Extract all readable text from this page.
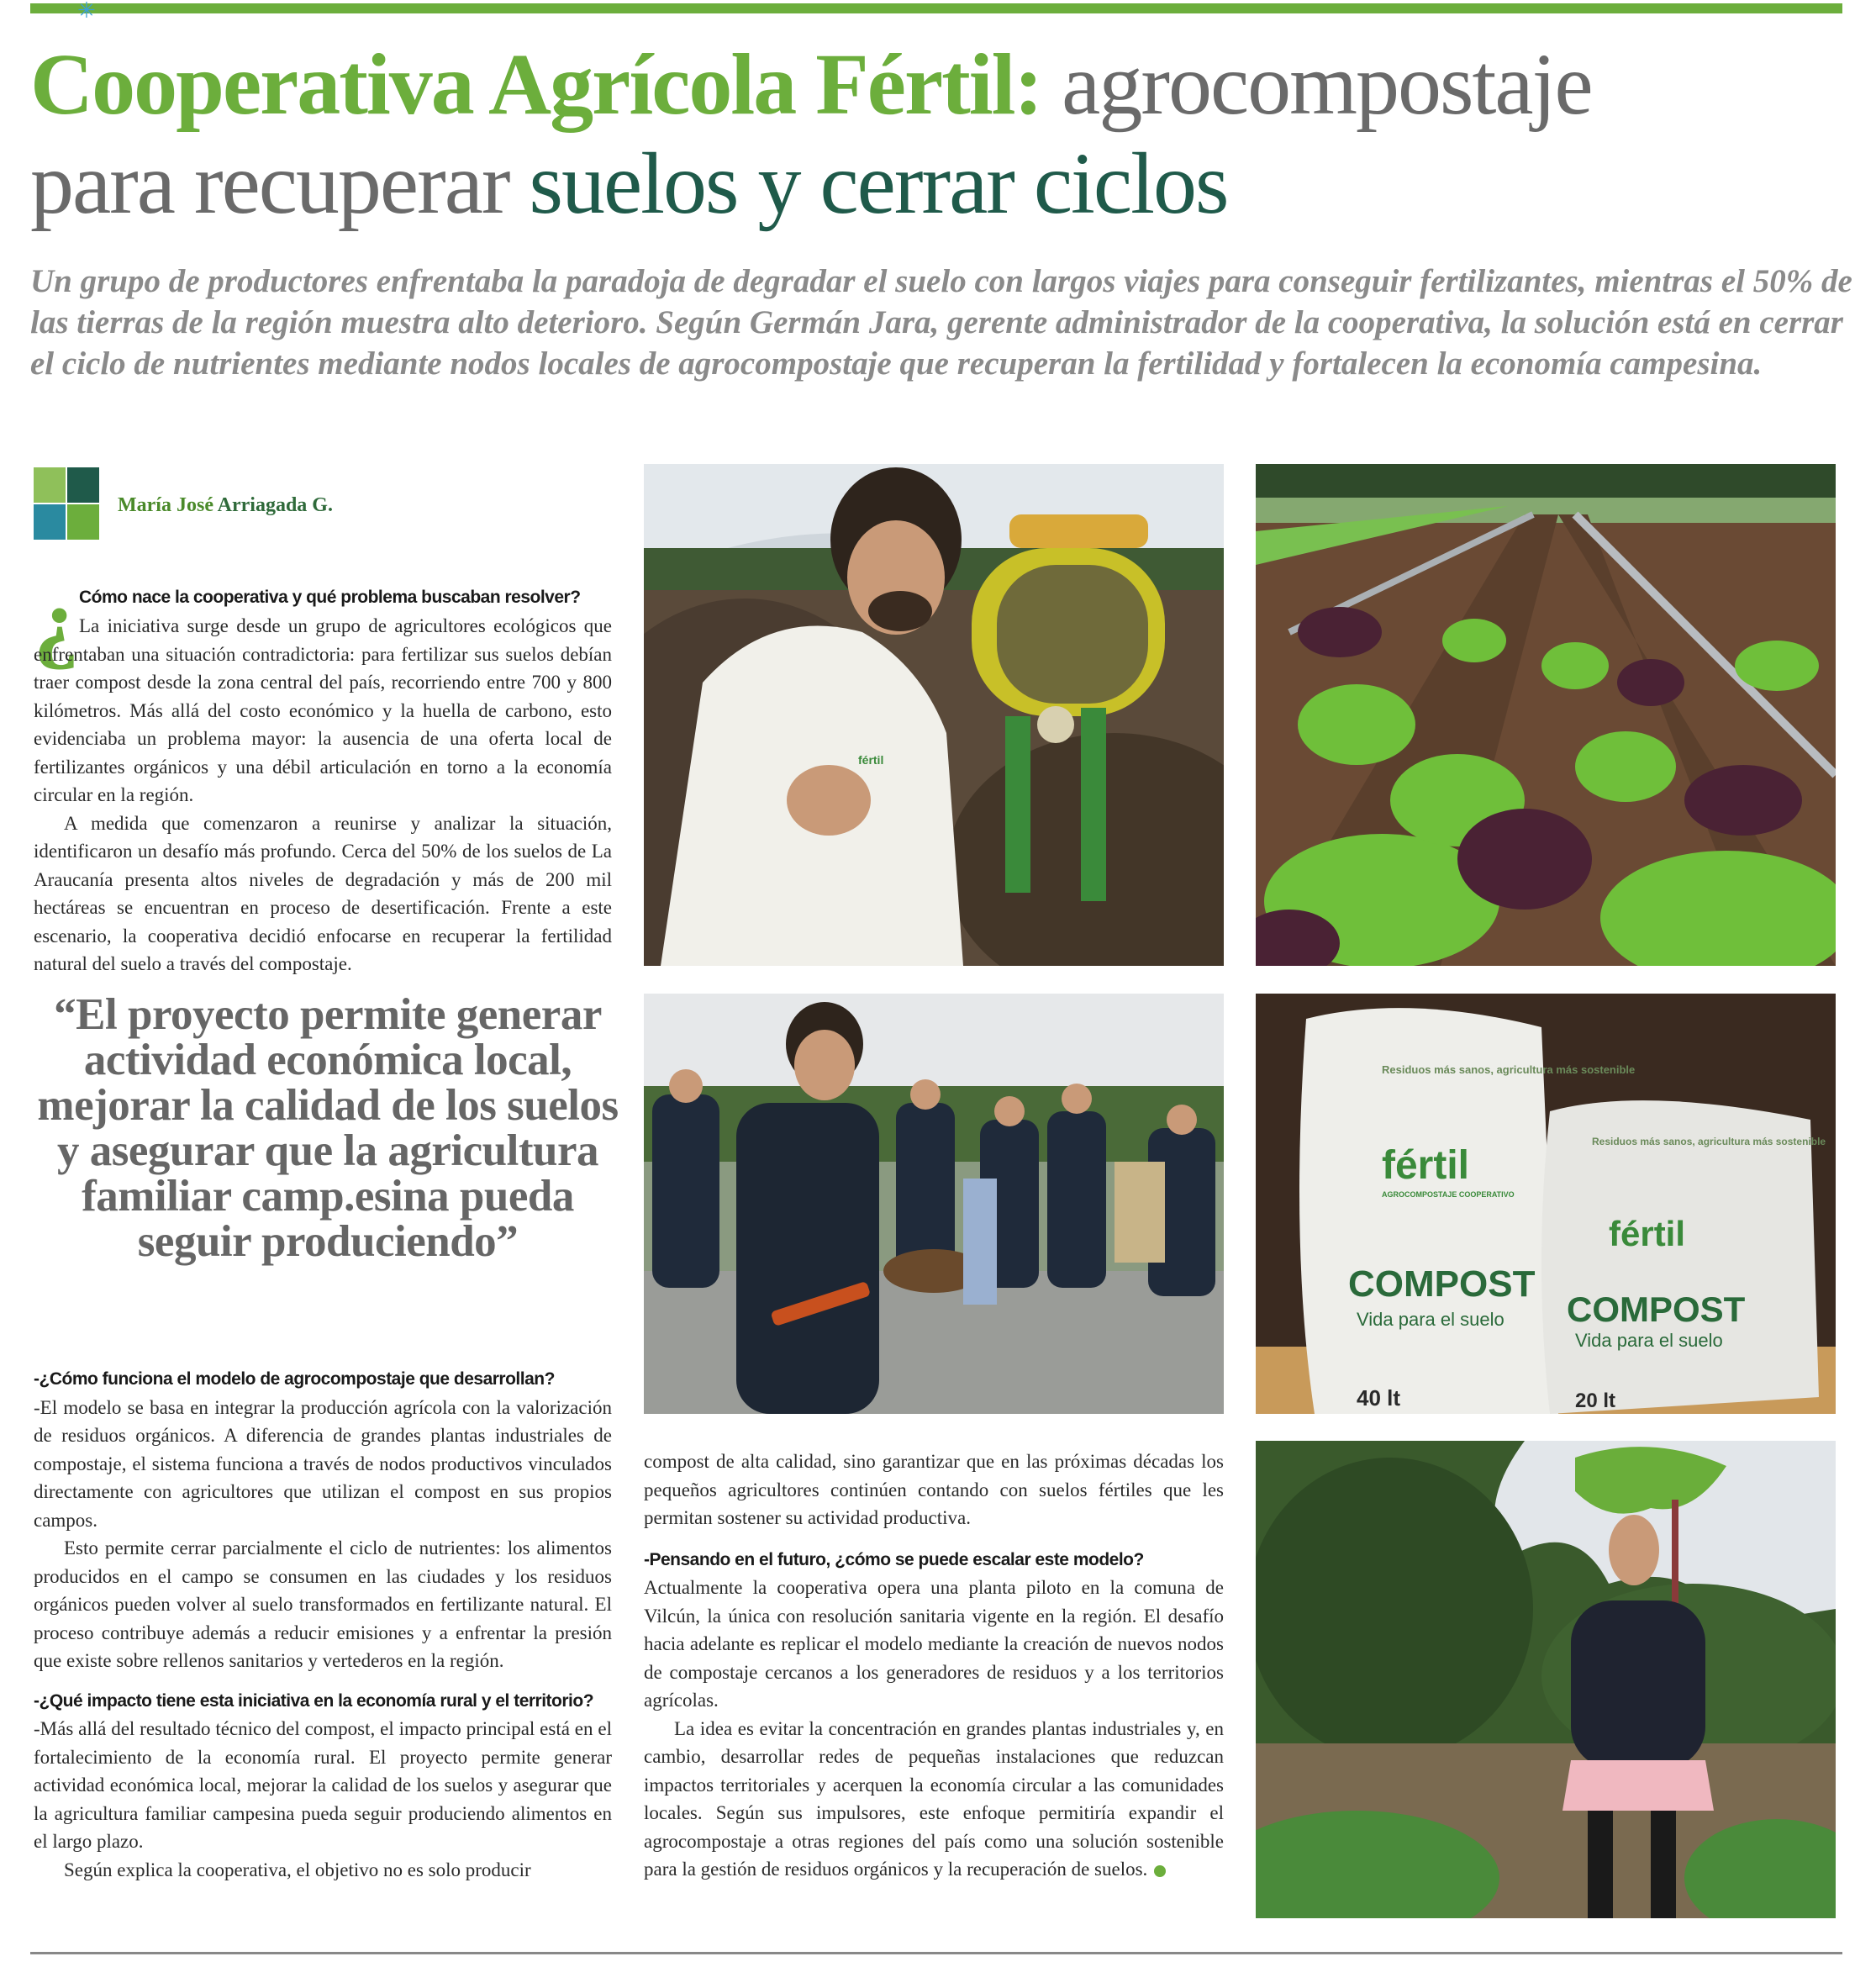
✳
Cooperativa Agrícola Fértil: agrocompostaje
para recuperar suelos y cerrar ciclos

Un grupo de productores enfrentaba la paradoja de degradar el suelo con largos viajes para conseguir fertilizantes, mientras el 50% de las tierras de la región muestra alto deterioro. Según Germán Jara, gerente administrador de la cooperativa, la solución está en cerrar el ciclo de nutrientes mediante nodos locales de agrocompostaje que recuperan la fertilidad y fortalecen la economía campesina.

María José Arriagada G.
¿ Cómo nace la cooperativa y qué problema buscaban resolver?

La iniciativa surge desde un grupo de agricultores ecológicos que enfrentaban una situación contradictoria: para fertilizar sus suelos debían traer compost desde la zona central del país, recorriendo entre 700 y 800 kilómetros. Más allá del costo económico y la huella de carbono, esto evidenciaba un problema mayor: la ausencia de una oferta local de fertilizantes orgánicos y una débil articulación en torno a la economía circular en la región.

A medida que comenzaron a reunirse y analizar la situación, identificaron un desafío más profundo. Cerca del 50% de los suelos de La Araucanía presenta altos niveles de degradación y más de 200 mil hectáreas se encuentran en proceso de desertificación. Frente a este escenario, la cooperativa decidió enfocarse en recuperar la fertilidad natural del suelo a través del compostaje.

“El proyecto permite generar actividad económica local, mejorar la calidad de los suelos y asegurar que la agricultura familiar camp.esina pueda seguir produciendo”

-¿Cómo funciona el modelo de agrocompostaje que desarrollan?

-El modelo se basa en integrar la producción agrícola con la valorización de residuos orgánicos. A diferencia de grandes plantas industriales de compostaje, el sistema funciona a través de nodos productivos vinculados directamente con agricultores que utilizan el compost en sus propios campos.

Esto permite cerrar parcialmente el ciclo de nutrientes: los alimentos producidos en el campo se consumen en las ciudades y los residuos orgánicos pueden volver al suelo transformados en fertilizante natural. El proceso contribuye además a reducir emisiones y a enfrentar la presión que existe sobre rellenos sanitarios y vertederos en la región.

-¿Qué impacto tiene esta iniciativa en la economía rural y el territorio?

-Más allá del resultado técnico del compost, el impacto principal está en el fortalecimiento de la economía rural. El proyecto permite generar actividad económica local, mejorar la calidad de los suelos y asegurar que la agricultura familiar campesina pueda seguir produciendo alimentos en el largo plazo.

Según explica la cooperativa, el objetivo no es solo producir

compost de alta calidad, sino garantizar que en las próximas décadas los pequeños agricultores continúen contando con suelos fértiles que les permitan sostener su actividad productiva.

-Pensando en el futuro, ¿cómo se puede escalar este modelo?

Actualmente la cooperativa opera una planta piloto en la comuna de Vilcún, la única con resolución sanitaria vigente en la región. El desafío hacia adelante es replicar el modelo mediante la creación de nuevos nodos de compostaje cercanos a los generadores de residuos y a los territorios agrícolas.

La idea es evitar la concentración en grandes plantas industriales y, en cambio, desarrollar redes de pequeñas instalaciones que reduzcan impactos territoriales y acerquen la economía circular a las comunidades locales. Según sus impulsores, este enfoque permitiría expandir el agrocompostaje a otras regiones del país como una solución sostenible para la gestión de residuos orgánicos y la recuperación de suelos.

fértil
Residuos más sanos, agricultura más sostenible
fértil
AGROCOMPOSTAJE COOPERATIVO
COMPOST
Vida para el suelo
40 lt
Residuos más sanos, agricultura más sostenible
fértil
COMPOST
Vida para el suelo
20 lt
